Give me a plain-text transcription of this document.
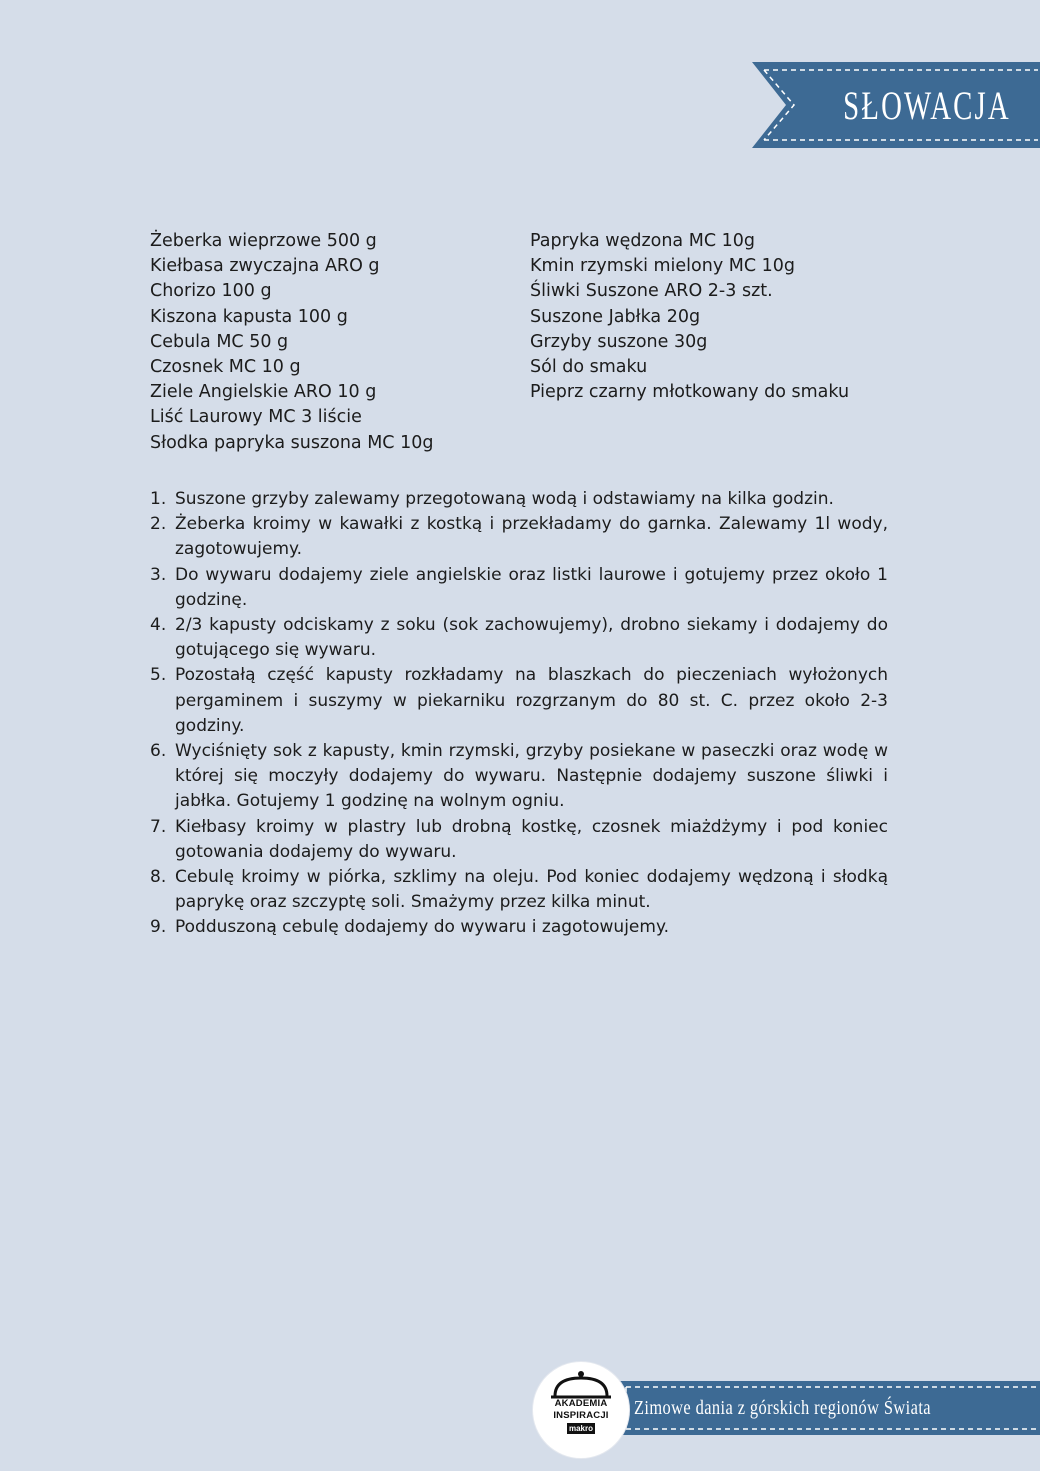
SŁOWACJA
Żeberka wieprzowe 500 g
Kiełbasa zwyczajna ARO g
Chorizo 100 g
Kiszona kapusta 100 g
Cebula MC 50 g
Czosnek MC 10 g
Ziele Angielskie ARO 10 g
Liść Laurowy MC 3 liście
Słodka papryka suszona MC 10g
Papryka wędzona MC 10g
Kmin rzymski mielony MC 10g
Śliwki Suszone ARO 2-3 szt.
Suszone Jabłka 20g
Grzyby suszone 30g
Sól do smaku
Pieprz czarny młotkowany do smaku
1. Suszone grzyby zalewamy przegotowaną wodą i odstawiamy na kilka godzin.
2. Żeberka kroimy w kawałki z kostką i przekładamy do garnka. Zalewamy 1l wody, zagotowujemy.
3. Do wywaru dodajemy ziele angielskie oraz listki laurowe i gotujemy przez około 1 godzinę.
4. 2/3 kapusty odciskamy z soku (sok zachowujemy), drobno siekamy i dodajemy do gotującego się wywaru.
5. Pozostałą część kapusty rozkładamy na blaszkach do pieczeniach wyłożonych pergaminem i suszymy w piekarniku rozgrzanym do 80 st. C. przez około 2-3 godziny.
6. Wyciśnięty sok z kapusty, kmin rzymski, grzyby posiekane w paseczki oraz wodę w której się moczyły dodajemy do wywaru. Następnie dodajemy suszone śliwki i jabłka. Gotujemy 1 godzinę na wolnym ogniu.
7. Kiełbasy kroimy w plastry lub drobną kostkę, czosnek miażdżymy i pod koniec gotowania dodajemy do wywaru.
8. Cebulę kroimy w piórka, szklimy na oleju. Pod koniec dodajemy wędzoną i słodką paprykę oraz szczyptę soli. Smażymy przez kilka minut.
9. Podduszoną cebulę dodajemy do wywaru i zagotowujemy.
Zimowe dania z górskich regionów Świata
AKADEMIA
INSPIRACJI
makro
